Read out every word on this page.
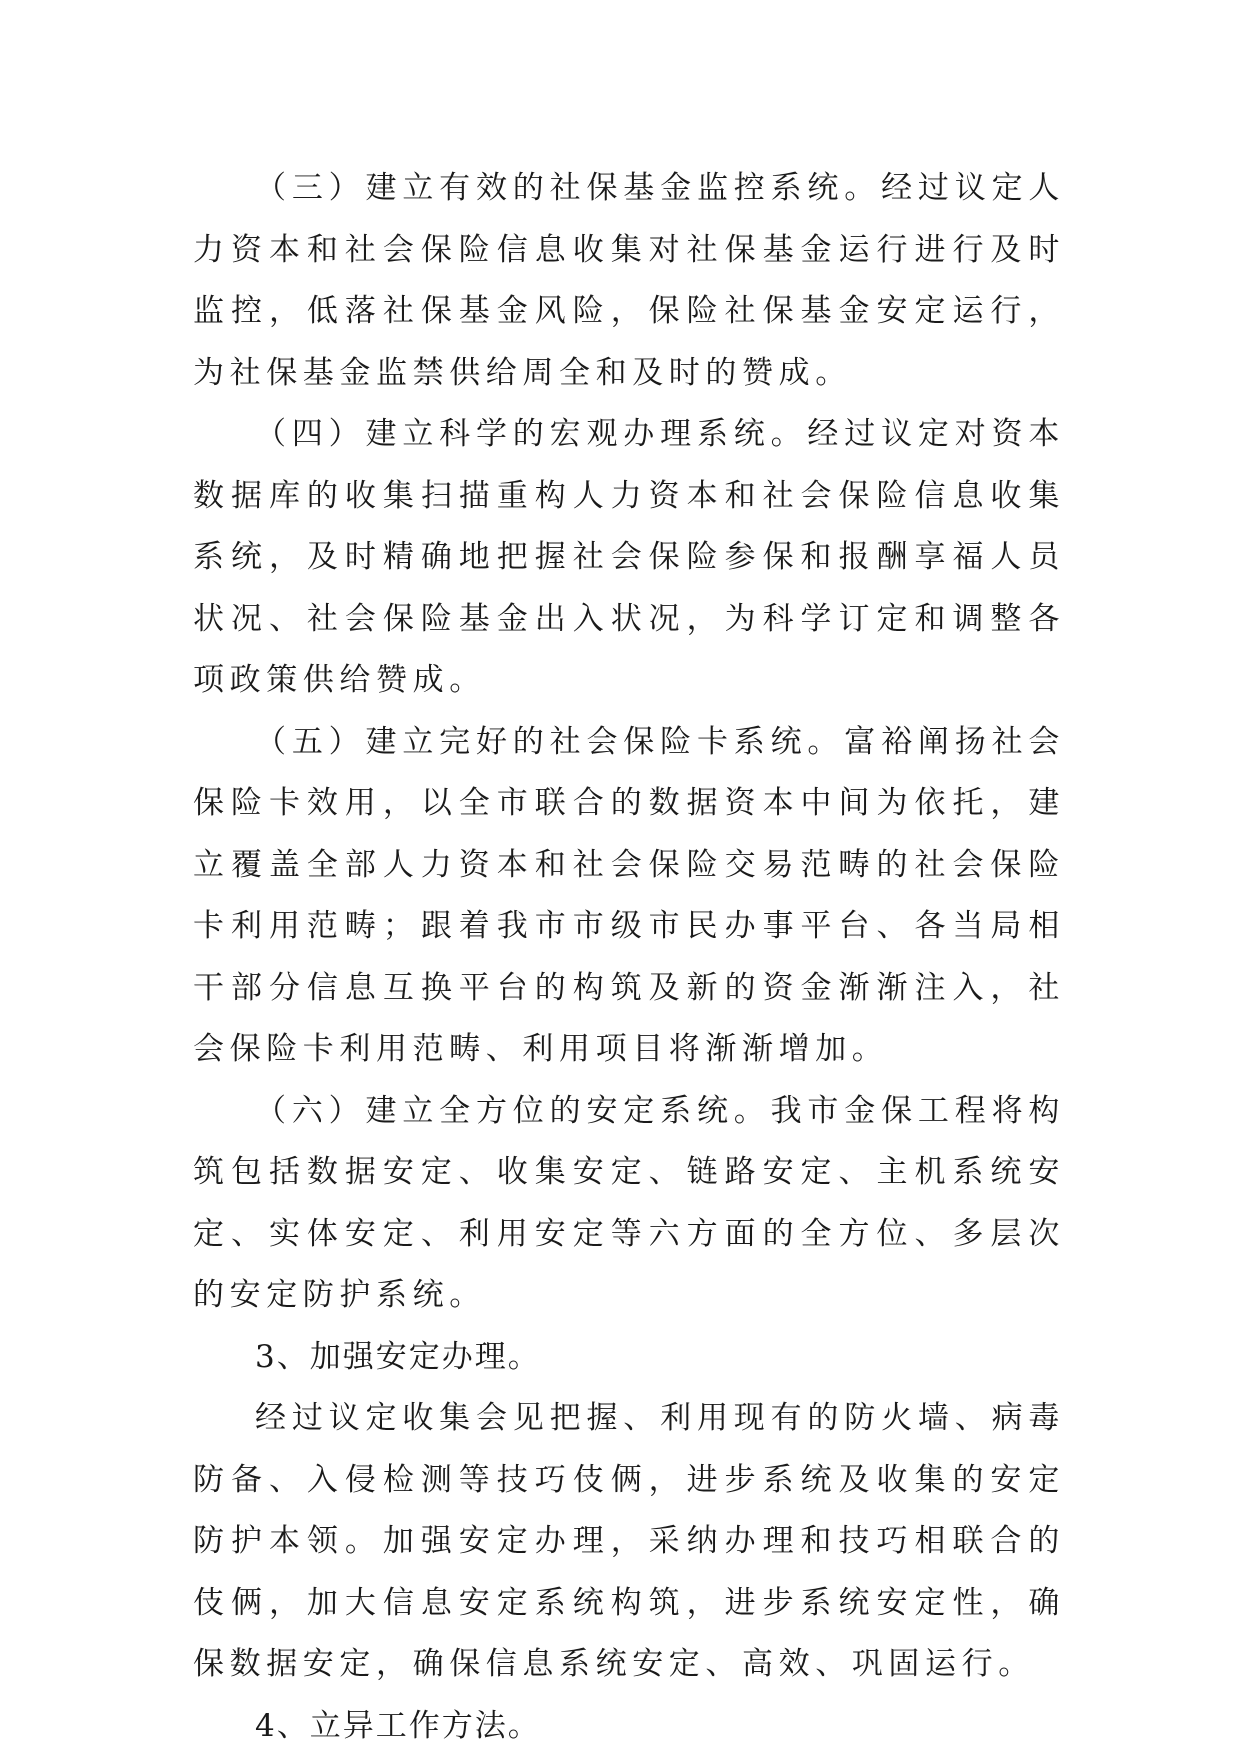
（三）建立有效的社保基金监控系统。经过议定人力资本和社会保险信息收集对社保基金运行进行及时监控，低落社保基金风险，保险社保基金安定运行，为社保基金监禁供给周全和及时的赞成。

（四）建立科学的宏观办理系统。经过议定对资本数据库的收集扫描重构人力资本和社会保险信息收集系统，及时精确地把握社会保险参保和报酬享福人员状况、社会保险基金出入状况，为科学订定和调整各项政策供给赞成。

（五）建立完好的社会保险卡系统。富裕阐扬社会保险卡效用，以全市联合的数据资本中间为依托，建立覆盖全部人力资本和社会保险交易范畴的社会保险卡利用范畴；跟着我市市级市民办事平台、各当局相干部分信息互换平台的构筑及新的资金渐渐注入，社会保险卡利用范畴、利用项目将渐渐增加。

（六）建立全方位的安定系统。我市金保工程将构筑包括数据安定、收集安定、链路安定、主机系统安定、实体安定、利用安定等六方面的全方位、多层次的安定防护系统。

3、加强安定办理。

经过议定收集会见把握、利用现有的防火墙、病毒防备、入侵检测等技巧伎俩，进步系统及收集的安定防护本领。加强安定办理，采纳办理和技巧相联合的伎俩，加大信息安定系统构筑，进步系统安定性，确保数据安定，确保信息系统安定、高效、巩固运行。

4、立异工作方法。
